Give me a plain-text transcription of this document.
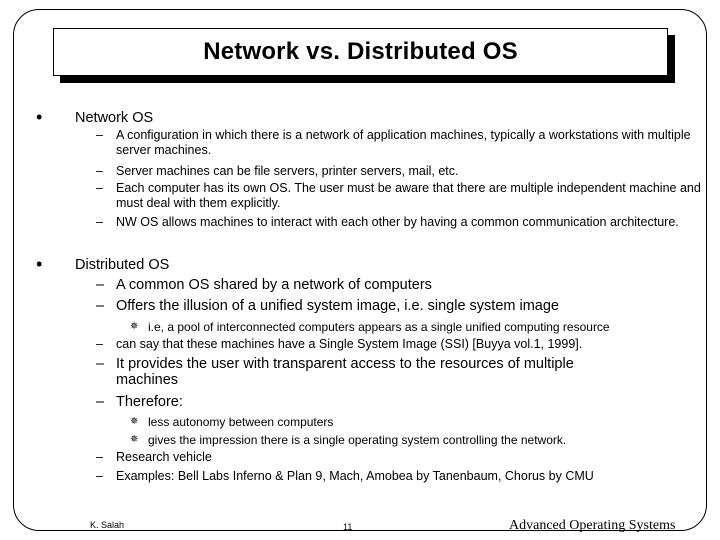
Network vs. Distributed OS
• Network OS
– A configuration in which there is a network of application machines, typically a workstations with multiple server machines.
– Server machines can be file servers, printer servers, mail, etc.
– Each computer has its own OS. The user must be aware that there are multiple independent machine and must deal with them explicitly.
– NW OS allows machines to interact with each other by having a common communication architecture.
• Distributed OS
– A common OS shared by a network of computers
– Offers the illusion of a unified system image, i.e. single system image
✵ i.e, a pool of interconnected computers appears as a single unified computing resource
– can say that these machines have a Single System Image (SSI) [Buyya vol.1, 1999].
– It provides the user with transparent access to the resources of multiple machines
– Therefore:
✵ less autonomy between computers
✵ gives the impression there is a single operating system controlling the network.
– Research vehicle
– Examples: Bell Labs Inferno & Plan 9, Mach, Amobea by Tanenbaum, Chorus by CMU
K. Salah	11	Advanced Operating Systems
